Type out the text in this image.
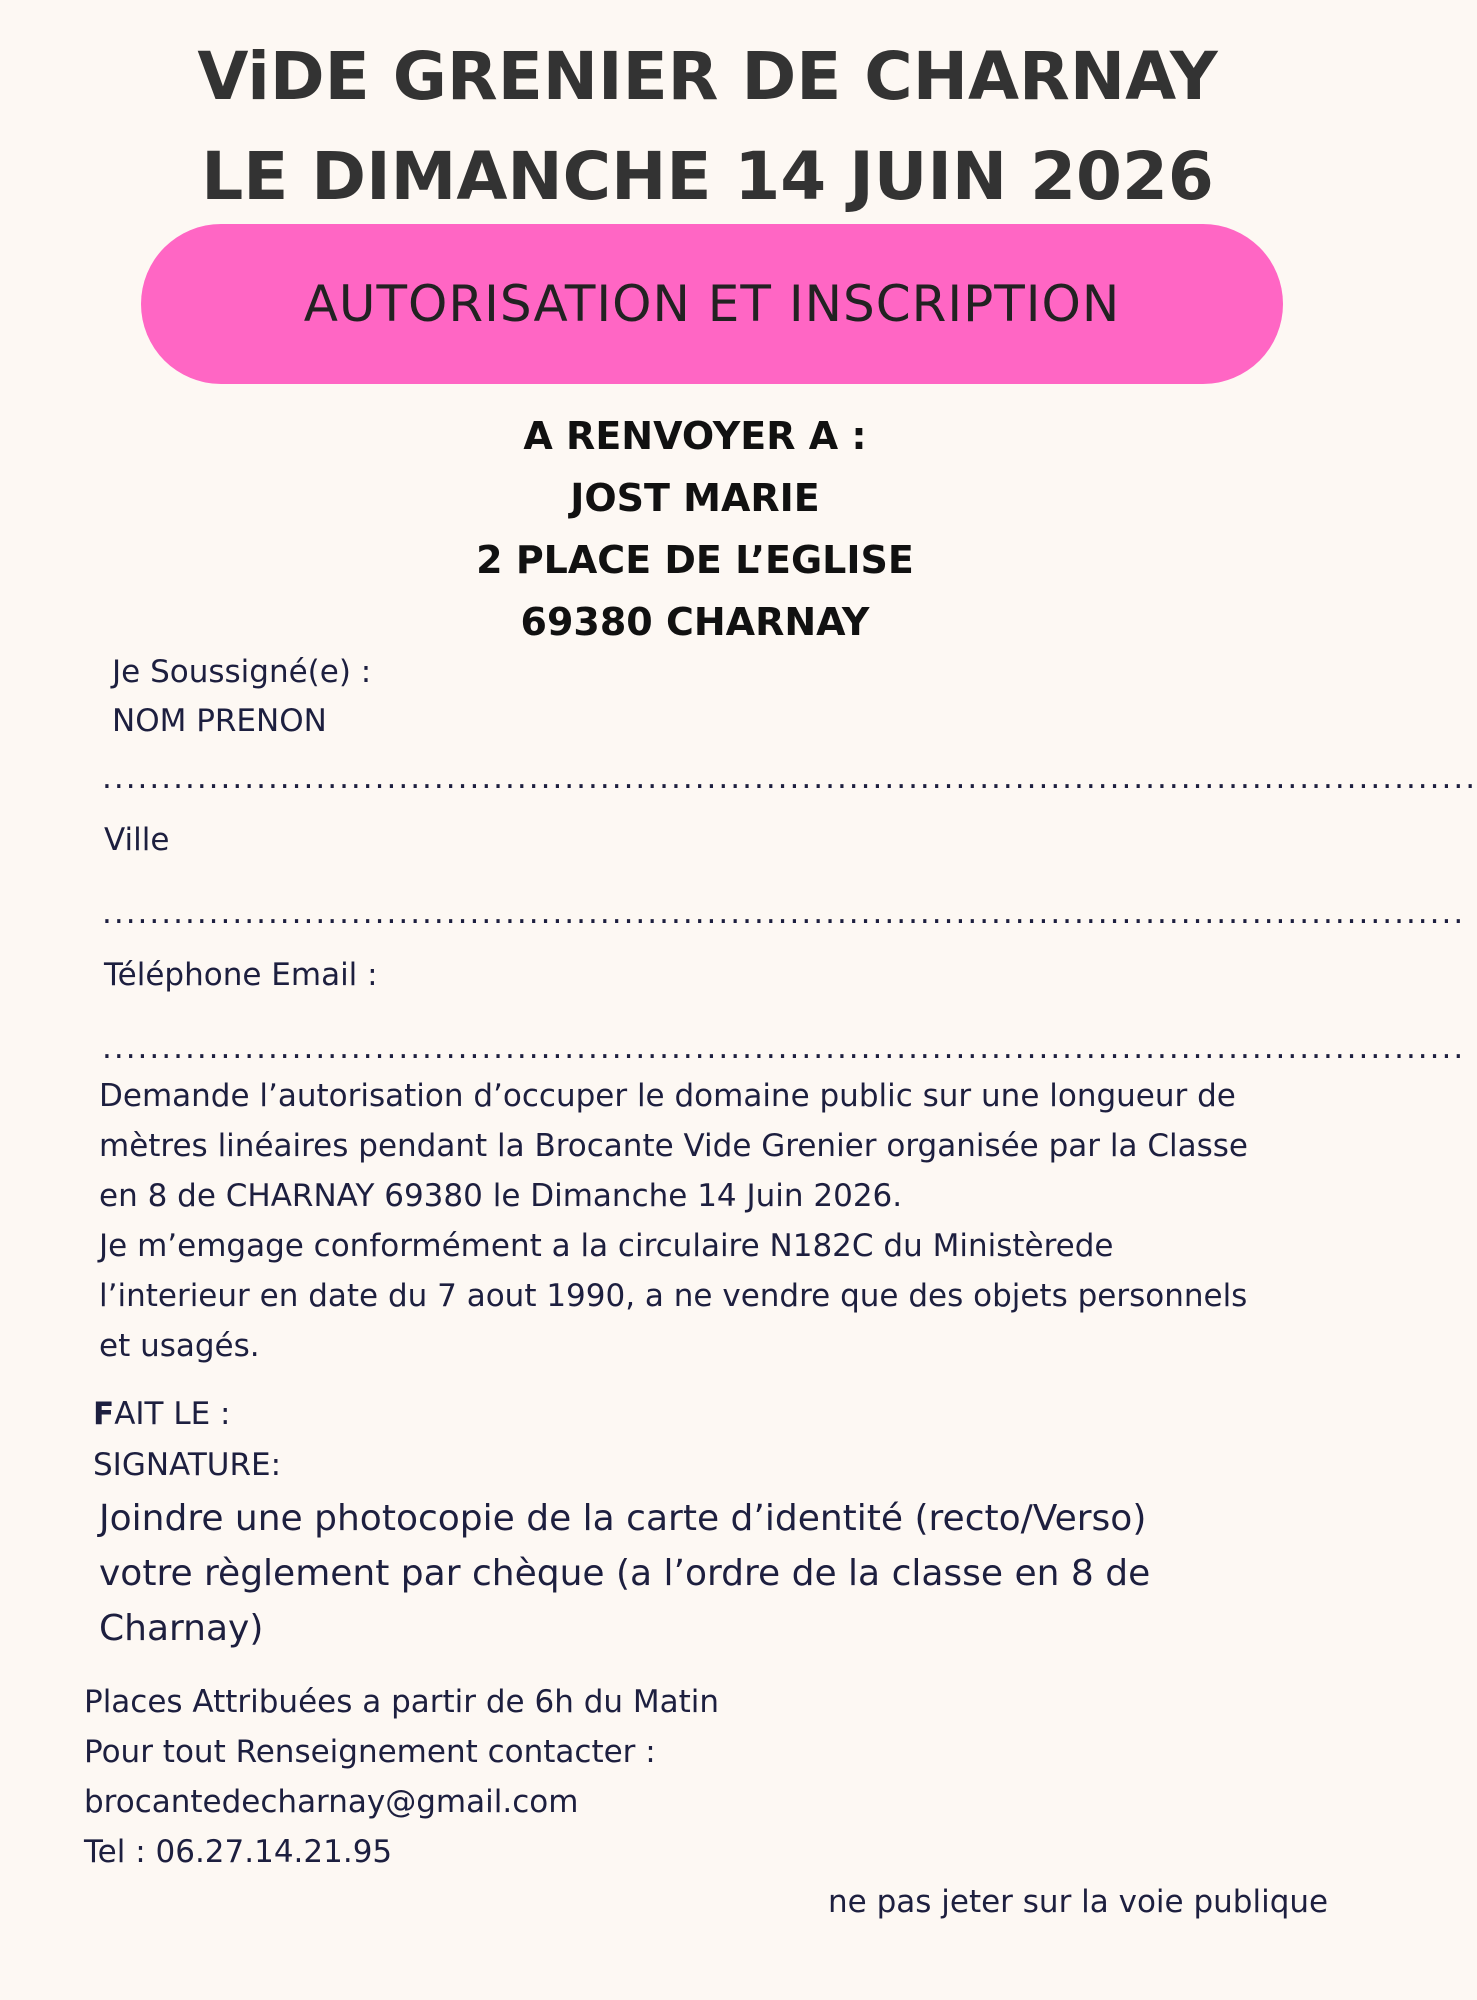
ViDE GRENIER DE CHARNAY
LE DIMANCHE 14 JUIN 2026
AUTORISATION ET INSCRIPTION
A RENVOYER A :
JOST MARIE
2 PLACE DE L’EGLISE
69380 CHARNAY
Je Soussigné(e) :
NOM PRENON
....................................................................................................................
Ville
...................................................................................................................
Téléphone Email :
...................................................................................................................
Demande l’autorisation d’occuper le domaine public sur une longueur de
mètres linéaires pendant la Brocante Vide Grenier organisée par la Classe
en 8 de CHARNAY 69380 le Dimanche 14 Juin 2026.
Je m’emgage conformément a la circulaire N182C du Ministèrede
l’interieur en date du 7 aout 1990, a ne vendre que des objets personnels
et usagés.
FAIT LE :
SIGNATURE:
Joindre une photocopie de la carte d’identité (recto/Verso)
votre règlement par chèque (a l’ordre de la classe en 8 de
Charnay)
Places Attribuées a partir de 6h du Matin
Pour tout Renseignement contacter :
brocantedecharnay@gmail.com
Tel : 06.27.14.21.95
ne pas jeter sur la voie publique
